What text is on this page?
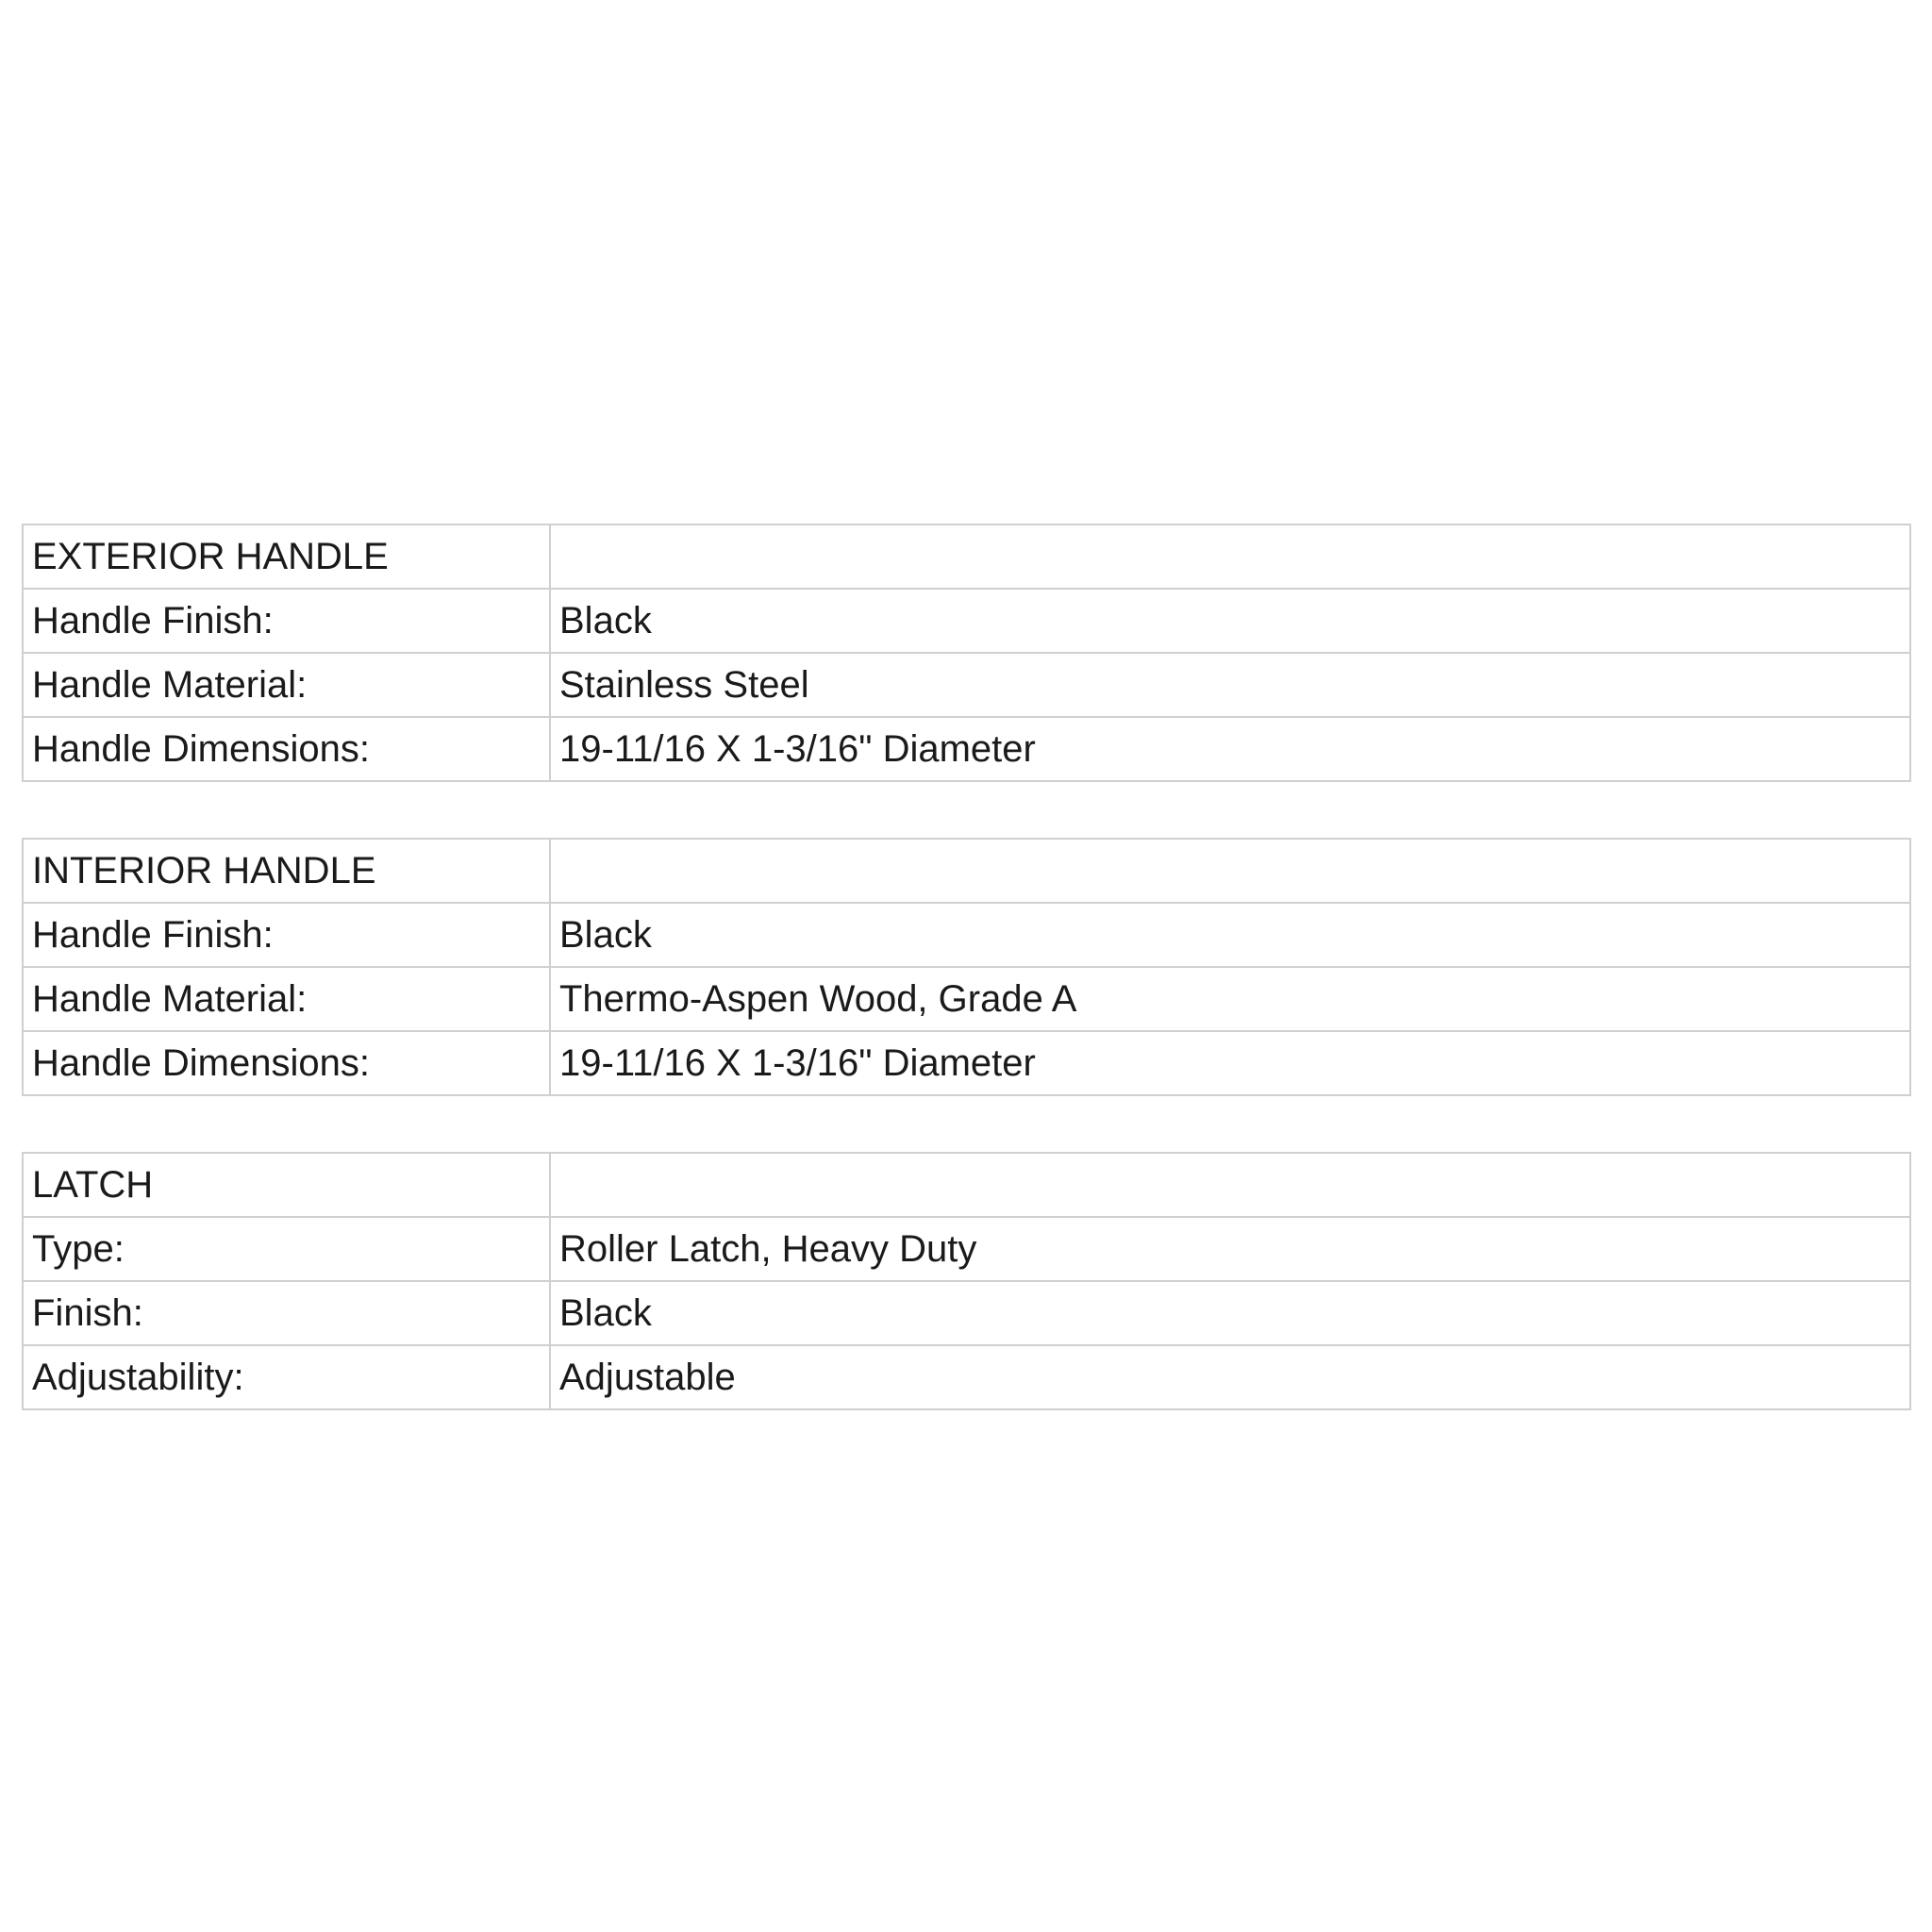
EXTERIOR HANDLE	
Handle Finish:	Black
Handle Material:	Stainless Steel
Handle Dimensions:	19-11/16 X 1-3/16" Diameter
INTERIOR HANDLE	
Handle Finish:	Black
Handle Material:	Thermo-Aspen Wood, Grade A
Handle Dimensions:	19-11/16 X 1-3/16" Diameter
LATCH	
Type:	Roller Latch, Heavy Duty
Finish:	Black
Adjustability:	Adjustable
